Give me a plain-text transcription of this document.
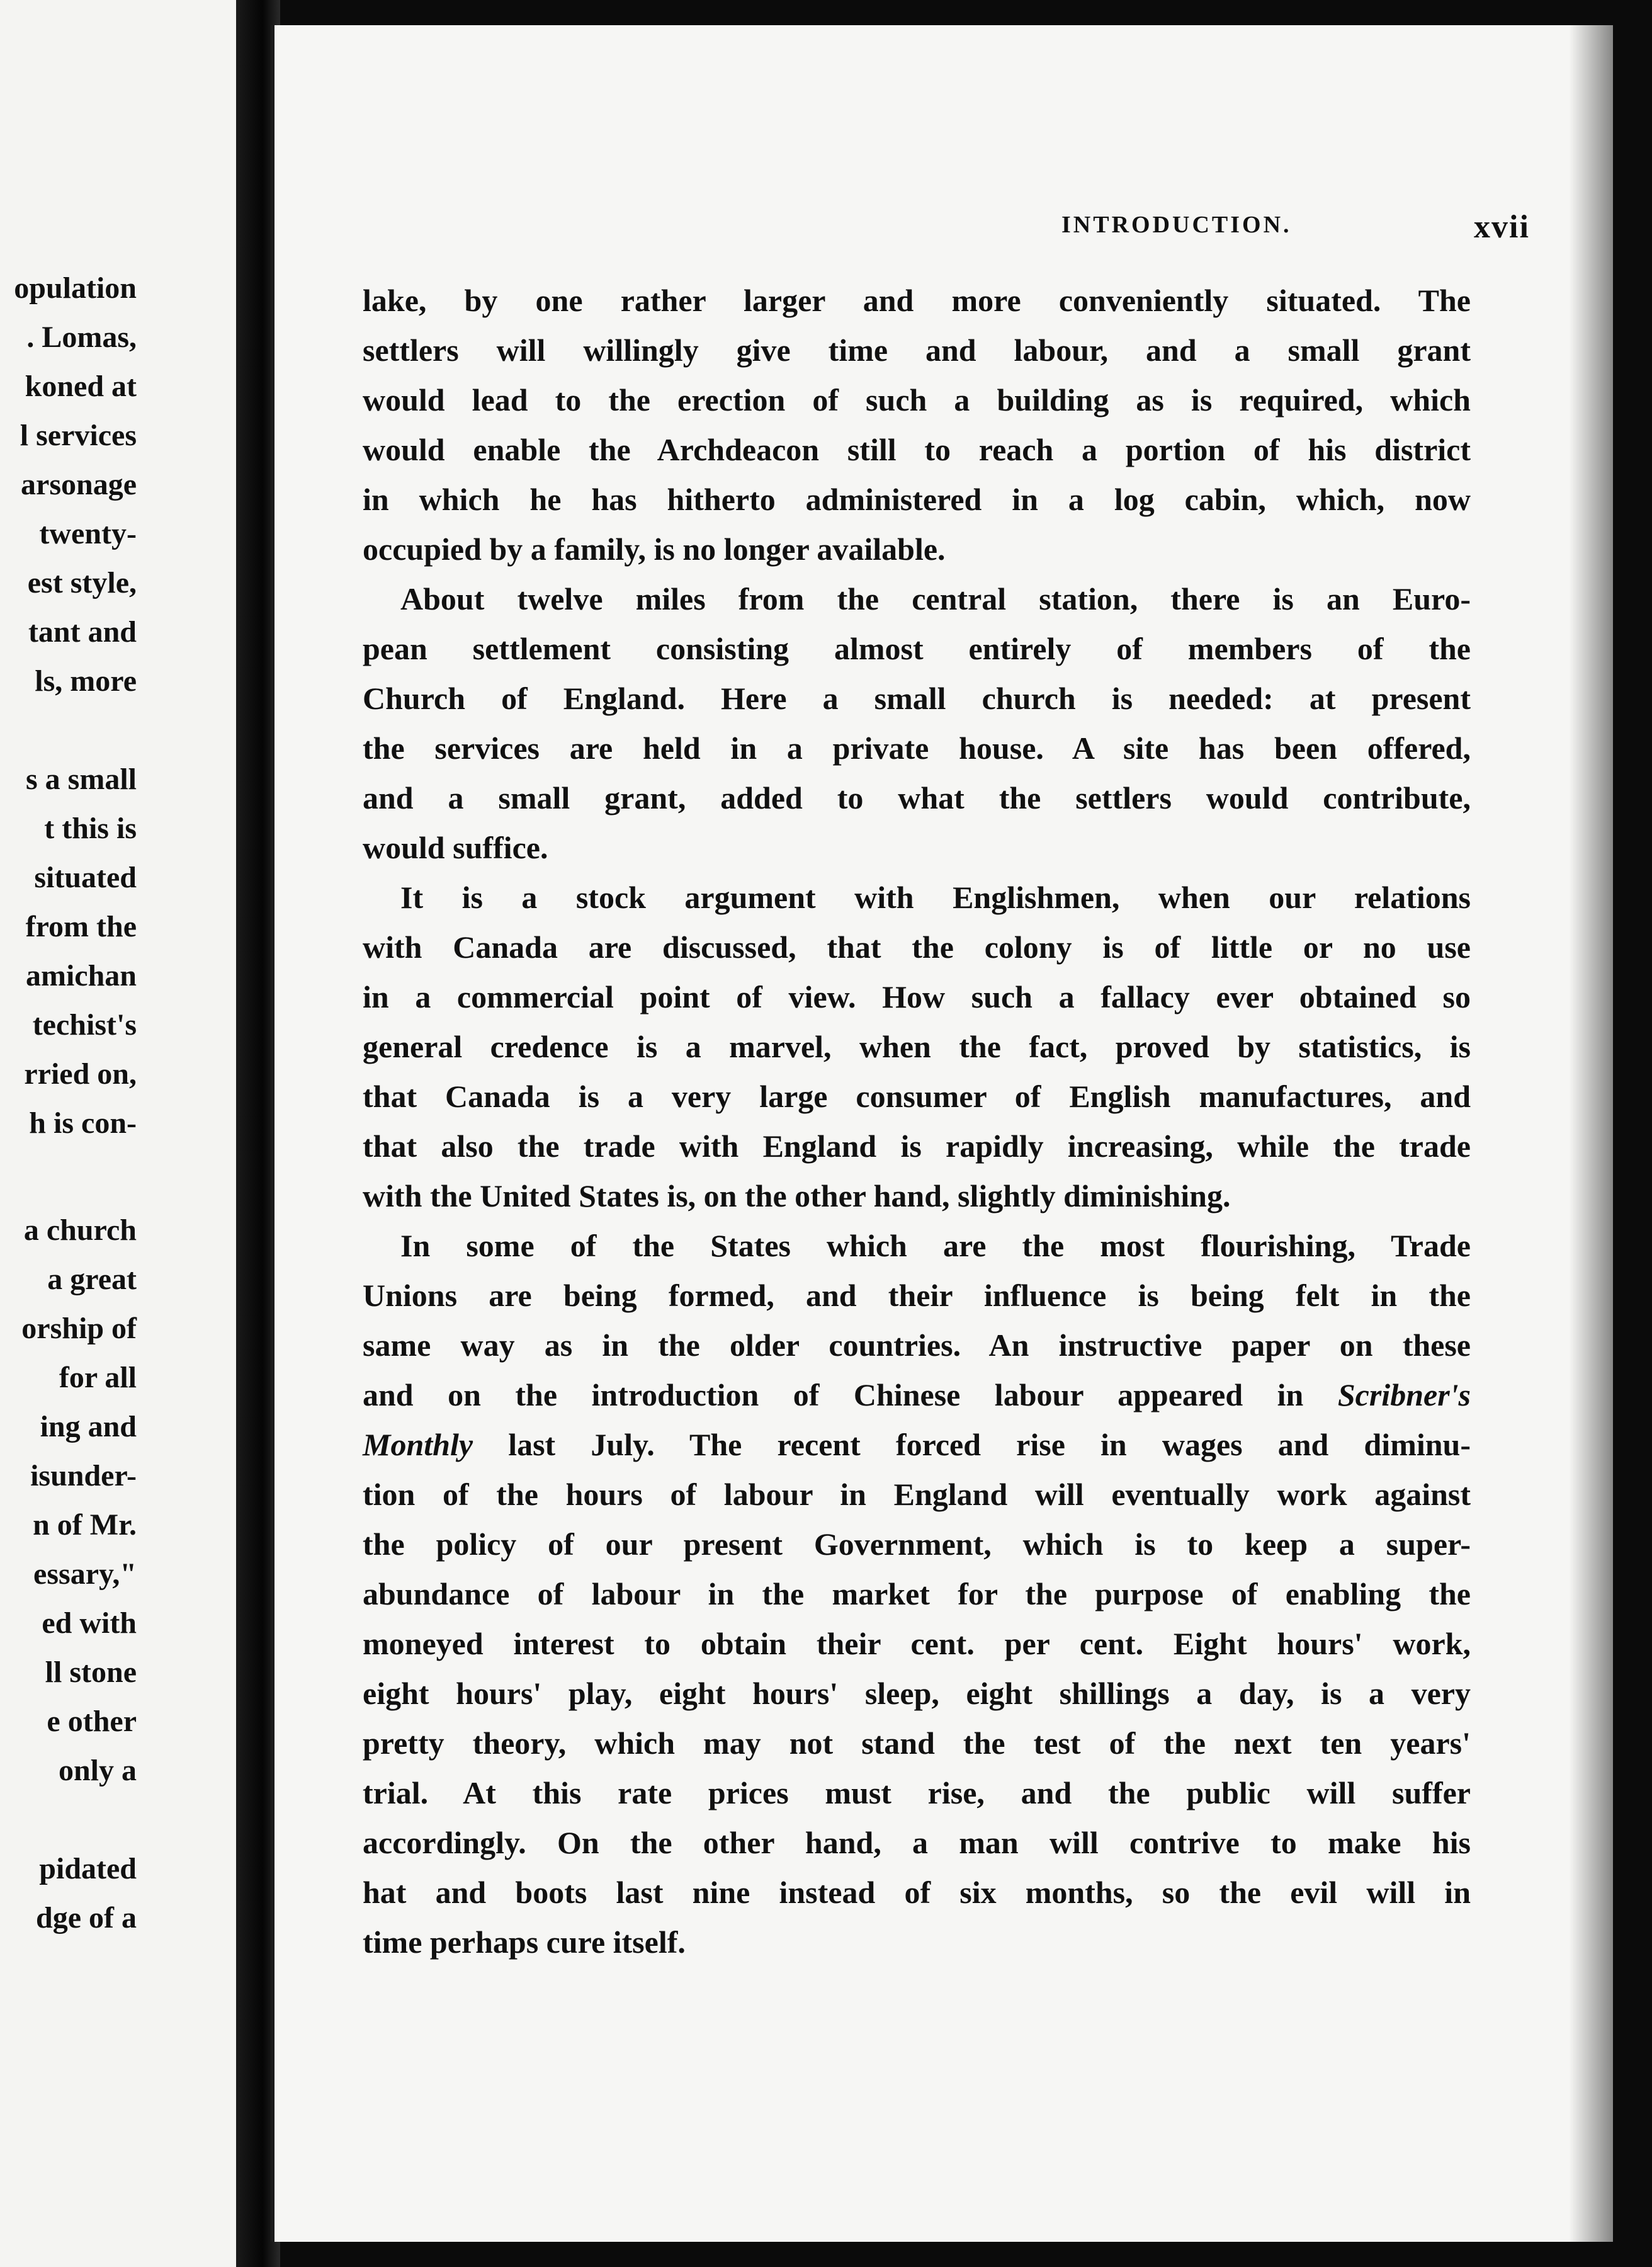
opulation
. Lomas,
koned at
l services
arsonage
twenty-
est style,
tant and
ls, more
s a small
t this is
situated
from the
amichan
techist's
rried on,
h is con-
a church
a great
orship of
for all
ing and
isunder-
n of Mr.
essary,"
ed with
ll stone
e other
only a
pidated
dge of a
INTRODUCTION.	xvii
lake, by one rather larger and more conveniently situated. The
settlers will willingly give time and labour, and a small grant
would lead to the erection of such a building as is required, which
would enable the Archdeacon still to reach a portion of his district
in which he has hitherto administered in a log cabin, which, now
occupied by a family, is no longer available.
About twelve miles from the central station, there is an Euro-
pean settlement consisting almost entirely of members of the
Church of England. Here a small church is needed: at present
the services are held in a private house. A site has been offered,
and a small grant, added to what the settlers would contribute,
would suffice.
It is a stock argument with Englishmen, when our relations
with Canada are discussed, that the colony is of little or no use
in a commercial point of view. How such a fallacy ever obtained so
general credence is a marvel, when the fact, proved by statistics, is
that Canada is a very large consumer of English manufactures, and
that also the trade with England is rapidly increasing, while the trade
with the United States is, on the other hand, slightly diminishing.
In some of the States which are the most flourishing, Trade
Unions are being formed, and their influence is being felt in the
same way as in the older countries. An instructive paper on these
and on the introduction of Chinese labour appeared in Scribner's
Monthly last July. The recent forced rise in wages and diminu-
tion of the hours of labour in England will eventually work against
the policy of our present Government, which is to keep a super-
abundance of labour in the market for the purpose of enabling the
moneyed interest to obtain their cent. per cent. Eight hours' work,
eight hours' play, eight hours' sleep, eight shillings a day, is a very
pretty theory, which may not stand the test of the next ten years'
trial. At this rate prices must rise, and the public will suffer
accordingly. On the other hand, a man will contrive to make his
hat and boots last nine instead of six months, so the evil will in
time perhaps cure itself.
